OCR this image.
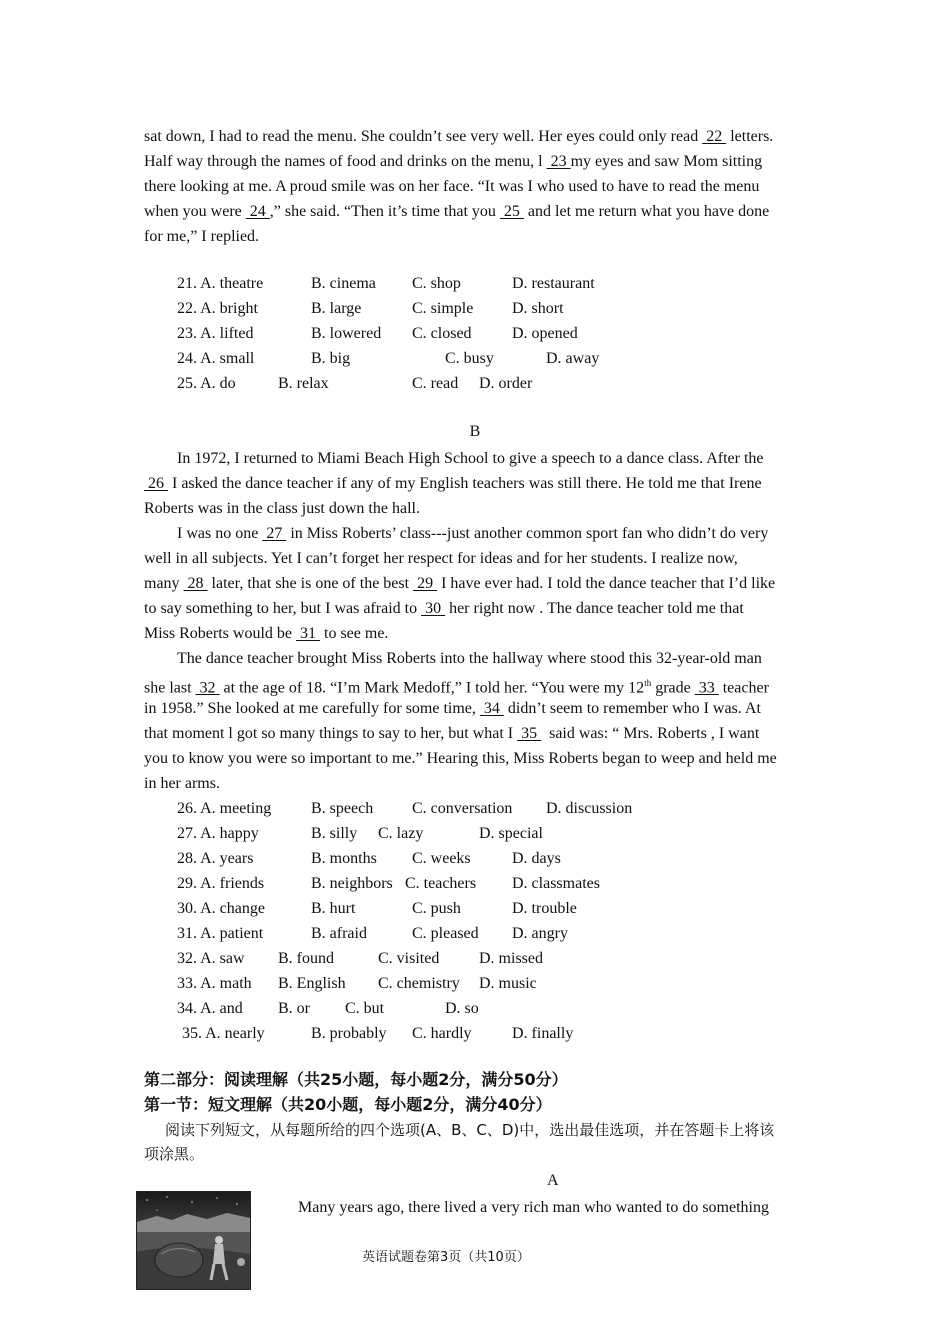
sat down, I had to read the menu. She couldn’t see very well. Her eyes could only read  22  letters.
Half way through the names of food and drinks on the menu, l  23 my eyes and saw Mom sitting
there looking at me. A proud smile was on her face. “It was I who used to have to read the menu
when you were  24 ,” she said. “Then it’s time that you  25  and let me return what you have done
for me,” I replied.
21. A. theatre	B. cinema C. shop	D. restaurant
22. A. bright	B. large	C. simple D. short
23. A. lifted	B. lowered C. closed	D. opened
24. A. small	B. big	C. busy	D. away
25. A. do	B. relax	C. read D. order
B
In 1972, I returned to Miami Beach High School to give a speech to a dance class. After the
26  I asked the dance teacher if any of my English teachers was still there. He told me that Irene
Roberts was in the class just down the hall.
I was no one  27  in Miss Roberts’ class---just another common sport fan who didn’t do very
well in all subjects. Yet I can’t forget her respect for ideas and for her students. I realize now,
many  28  later, that she is one of the best  29  I have ever had. I told the dance teacher that I’d like
to say something to her, but I was afraid to  30  her right now . The dance teacher told me that
Miss Roberts would be  31  to see me.
The dance teacher brought Miss Roberts into the hallway where stood this 32-year-old man
she last  32  at the age of 18. “I’m Mark Medoff,” I told her. “You were my 12th grade  33  teacher
in 1958.” She looked at me carefully for some time,  34  didn’t seem to remember who I was. At
that moment l got so many things to say to her, but what I  35   said was: “ Mrs. Roberts , I want
you to know you were so important to me.” Hearing this, Miss Roberts began to weep and held me
in her arms.
26. A. meeting B. speech C. conversation D. discussion
27. A. happy	B. silly C. lazy	D. special
28. A. years	B. months C. weeks	D. days
29. A. friends	B. neighbors C. teachers D. classmates
30. A. change	B. hurt	C. push	D. trouble
31. A. patient	B. afraid	C. pleased D. angry
32. A. saw B. found	C. visited D. missed
33. A. math B. English C. chemistry D. music
34. A. and B. or C. but	D. so
35. A. nearly	B. probably C. hardly	D. finally
第二部分：阅读理解（共25小题，每小题2分，满分50分）
第一节：短文理解（共20小题，每小题2分，满分40分）
阅读下列短文，从每题所给的四个选项(A、B、C、D)中，选出最佳选项，并在答题卡上将该
项涂黑。
A
Many years ago, there lived a very rich man who wanted to do something
英语试题卷第3页（共10页）
